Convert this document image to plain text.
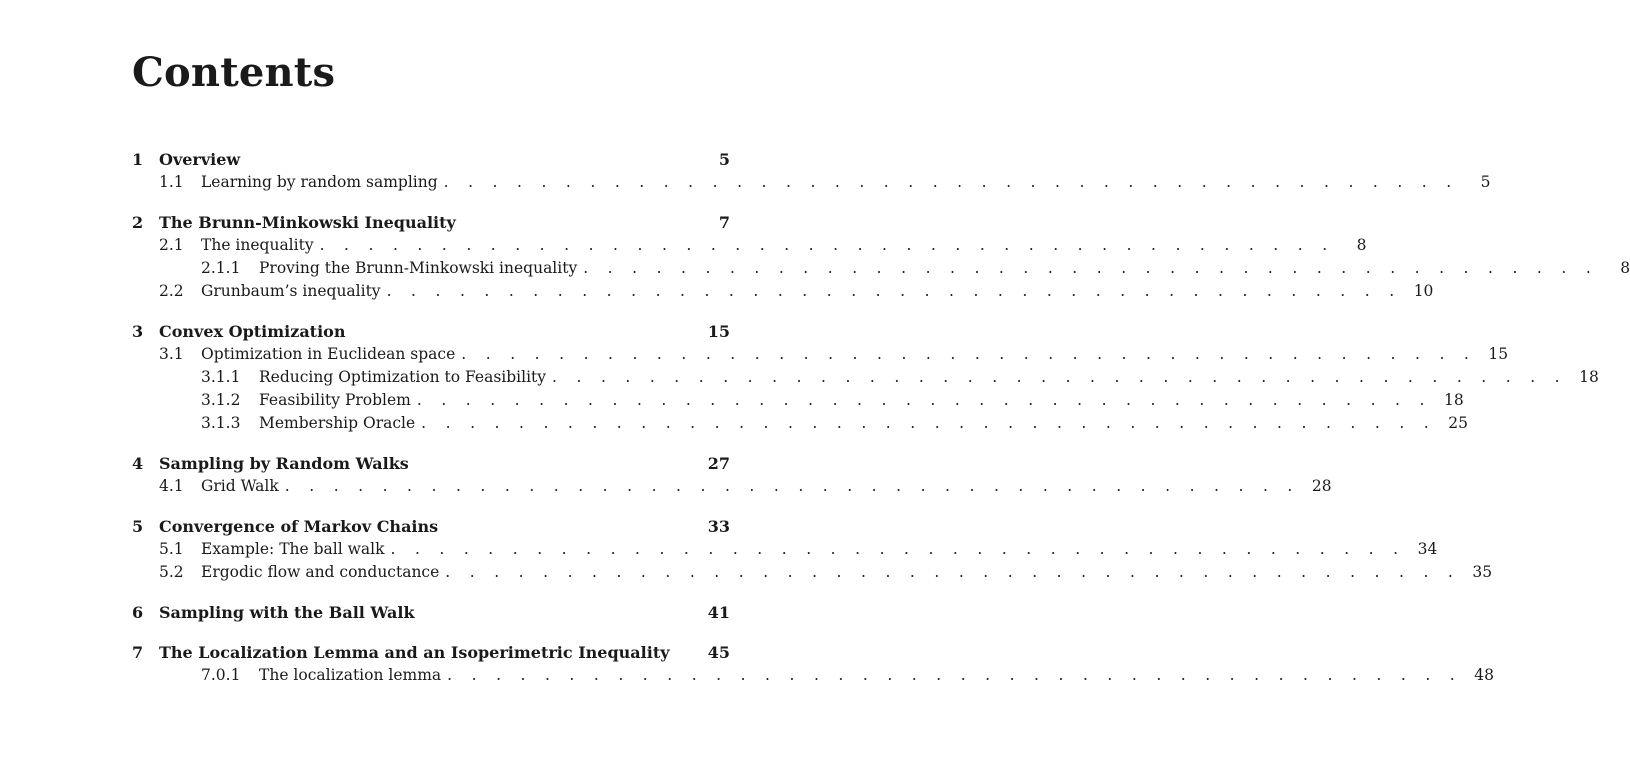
Contents
1 Overview	5
1.1	Learning by random sampling . . . . . . . . . . . . . . . . . . . . . . . . . . . . . . . . . . . . . . . . . .	5
2 The Brunn-Minkowski Inequality	7
2.1	The inequality . . . . . . . . . . . . . . . . . . . . . . . . . . . . . . . . . . . . . . . . . .	8
2.1.1	Proving the Brunn-Minkowski inequality . . . . . . . . . . . . . . . . . . . . . . . . . . . . . . . . . . . . . . . . . .	8
2.2	Grunbaum’s inequality . . . . . . . . . . . . . . . . . . . . . . . . . . . . . . . . . . . . . . . . . . 10
3 Convex Optimization	15
3.1	Optimization in Euclidean space . . . . . . . . . . . . . . . . . . . . . . . . . . . . . . . . . . . . . . . . . . 15
3.1.1	Reducing Optimization to Feasibility . . . . . . . . . . . . . . . . . . . . . . . . . . . . . . . . . . . . . . . . . . 18
3.1.2	Feasibility Problem . . . . . . . . . . . . . . . . . . . . . . . . . . . . . . . . . . . . . . . . . . 18
3.1.3	Membership Oracle . . . . . . . . . . . . . . . . . . . . . . . . . . . . . . . . . . . . . . . . . . 25
4 Sampling by Random Walks	27
4.1	Grid Walk . . . . . . . . . . . . . . . . . . . . . . . . . . . . . . . . . . . . . . . . . . 28
5 Convergence of Markov Chains	33
5.1	Example: The ball walk . . . . . . . . . . . . . . . . . . . . . . . . . . . . . . . . . . . . . . . . . . 34
5.2	Ergodic flow and conductance . . . . . . . . . . . . . . . . . . . . . . . . . . . . . . . . . . . . . . . . . . 35
6 Sampling with the Ball Walk	41
7 The Localization Lemma and an Isoperimetric Inequality	45
7.0.1	The localization lemma . . . . . . . . . . . . . . . . . . . . . . . . . . . . . . . . . . . . . . . . . . 48
